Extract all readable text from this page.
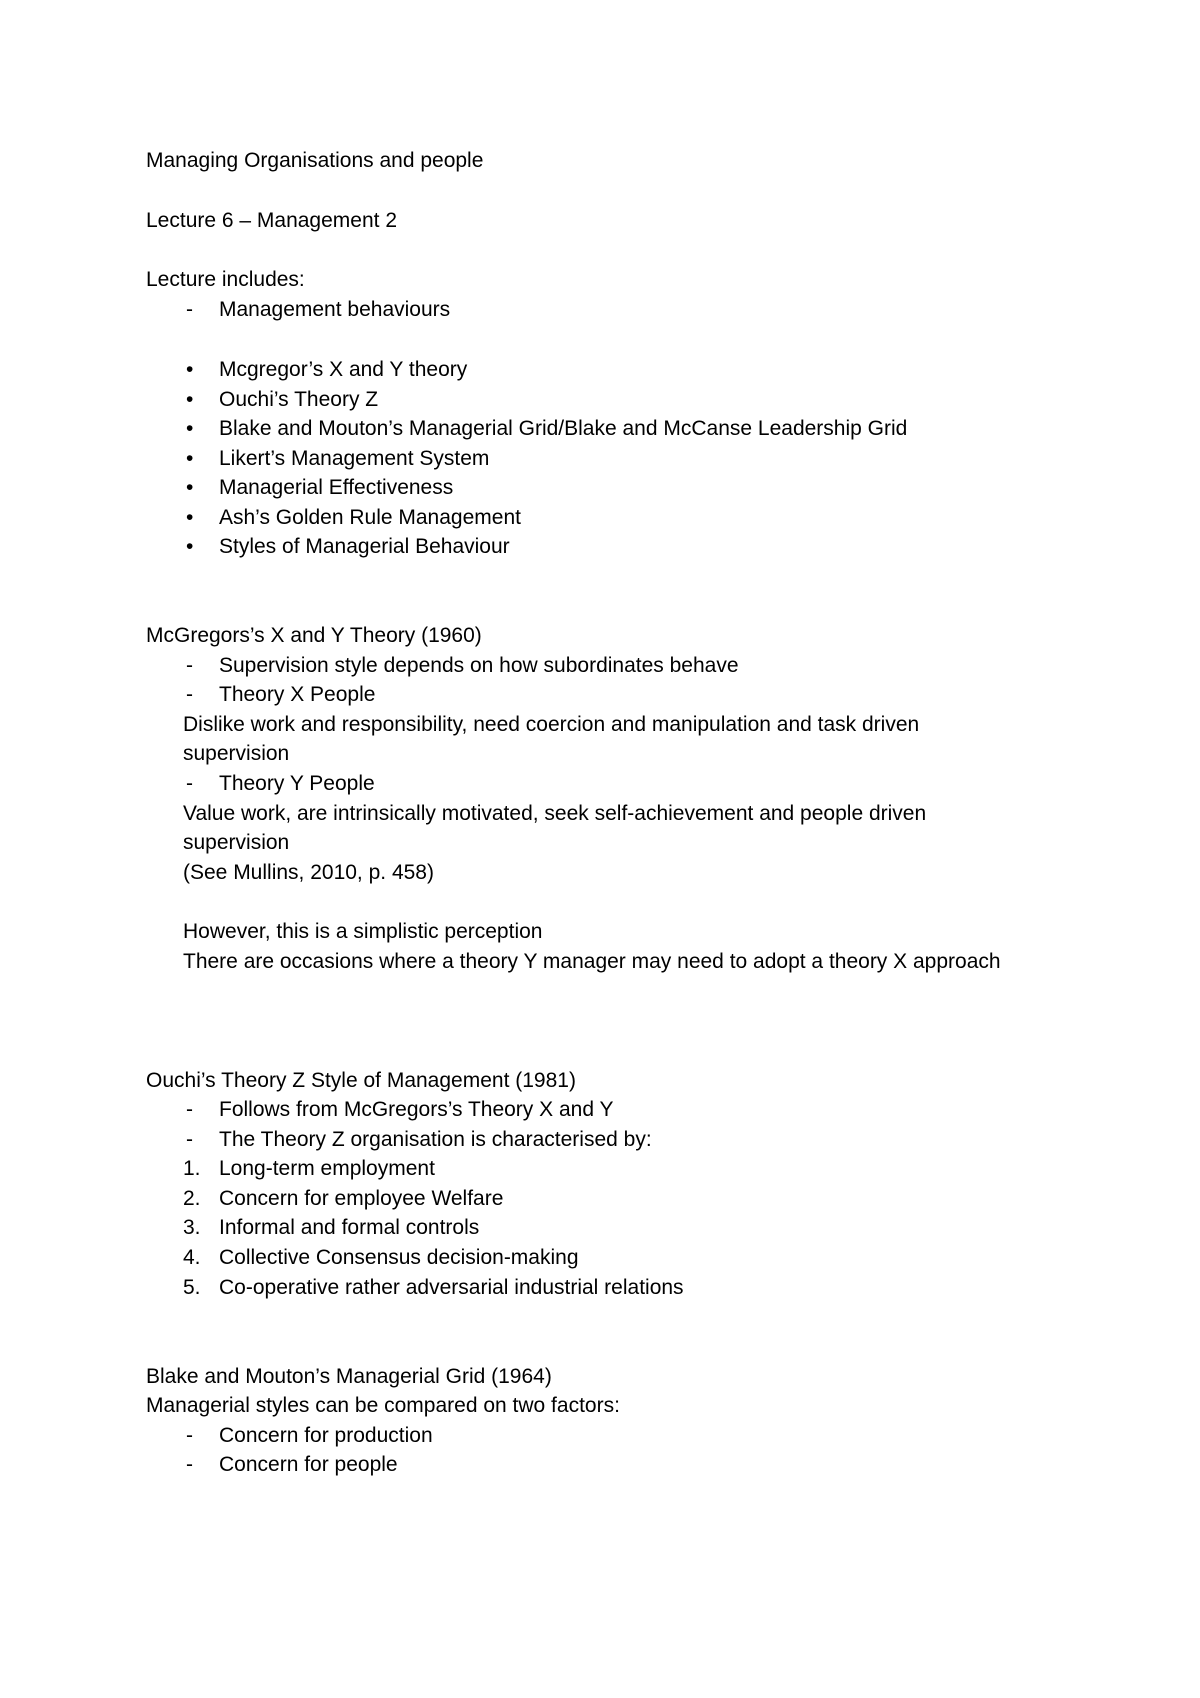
Managing Organisations and people
Lecture 6 – Management 2
Lecture includes:
- Management behaviours
• Mcgregor’s X and Y theory
• Ouchi’s Theory Z
• Blake and Mouton’s Managerial Grid/Blake and McCanse Leadership Grid
• Likert’s Management System
• Managerial Effectiveness
• Ash’s Golden Rule Management
• Styles of Managerial Behaviour
McGregors’s X and Y Theory (1960)
- Supervision style depends on how subordinates behave
- Theory X People
Dislike work and responsibility, need coercion and manipulation and task driven
supervision
- Theory Y People
Value work, are intrinsically motivated, seek self-achievement and people driven
supervision
(See Mullins, 2010, p. 458)
However, this is a simplistic perception
There are occasions where a theory Y manager may need to adopt a theory X approach
Ouchi’s Theory Z Style of Management (1981)
- Follows from McGregors’s Theory X and Y
- The Theory Z organisation is characterised by:
1. Long-term employment
2. Concern for employee Welfare
3. Informal and formal controls
4. Collective Consensus decision-making
5. Co-operative rather adversarial industrial relations
Blake and Mouton’s Managerial Grid (1964)
Managerial styles can be compared on two factors:
- Concern for production
- Concern for people
